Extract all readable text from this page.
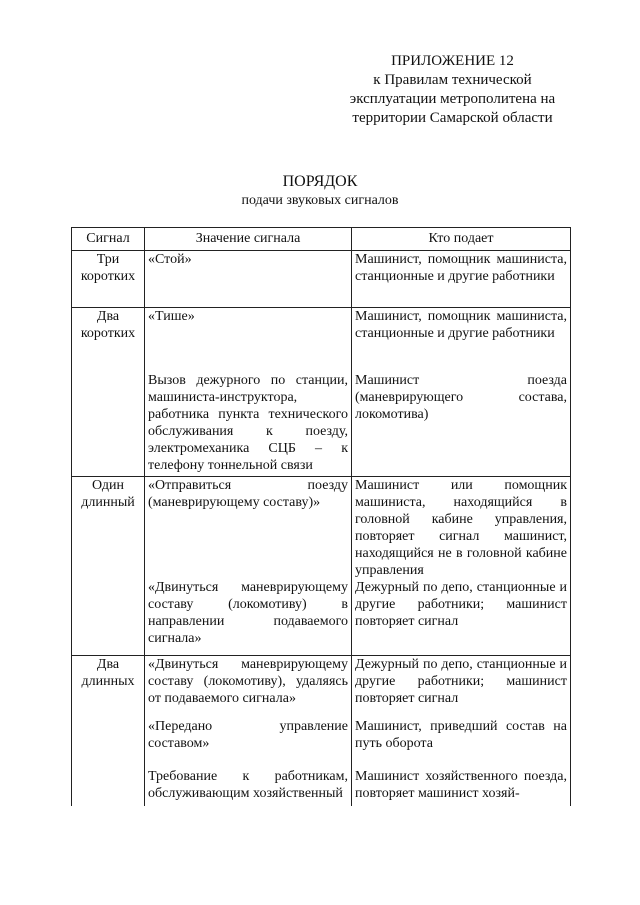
ПРИЛОЖЕНИЕ 12
к Правилам технической
эксплуатации метрополитена на
территории Самарской области
ПОРЯДОК
подачи звуковых сигналов
Сигнал	Значение сигнала	Кто подает

Три
коротких	«Стой»	Машинист, помощник машиниста, станционные и другие работники

Два
коротких	«Тише»	Машинист, помощник машиниста, станционные и другие работники
	Вызов дежурного по станции, машиниста-инструктора, работника пункта технического обслуживания к поезду, электромеханика СЦБ – к телефону тоннельной связи	Машинист поезда (маневрирующего состава, локомотива)

Один
длинный	«Отправиться поезду (маневрирующему составу)»	Машинист или помощник машиниста, находящийся в головной кабине управления, повторяет сигнал машинист, находящийся не в головной кабине управления
	«Двинуться маневрирующему составу (локомотиву) в направлении подаваемого сигнала»	Дежурный по депо, станционные и другие работники; машинист повторяет сигнал

Два
длинных	«Двинуться маневрирующему составу (локомотиву), удаляясь от подаваемого сигнала»	Дежурный по депо, станционные и другие работники; машинист повторяет сигнал
	«Передано управление составом»	Машинист, приведший состав на путь оборота
	Требование к работникам, обслуживающим хозяйственный	Машинист хозяйственного поезда, повторяет машинист хозяй-
